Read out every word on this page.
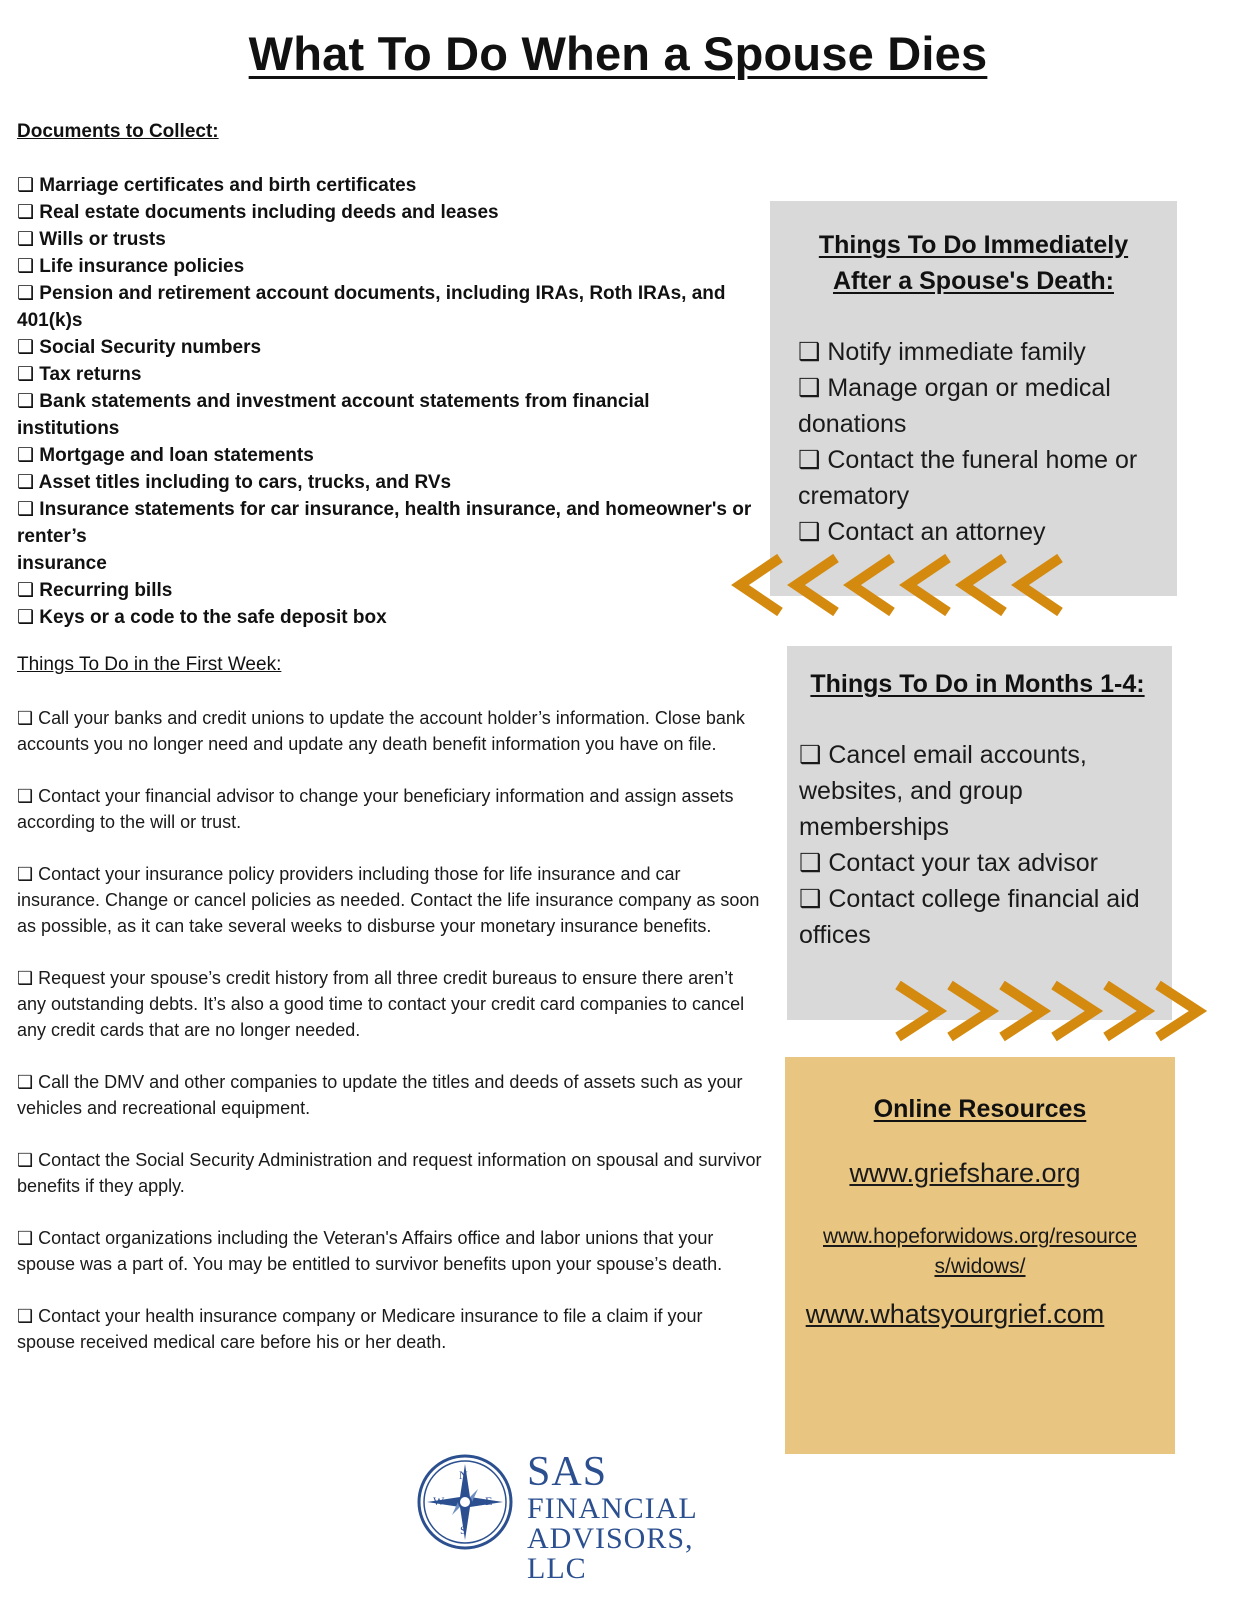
What To Do When a Spouse Dies

Documents to Collect:

❑ Marriage certificates and birth certificates
❑ Real estate documents including deeds and leases
❑ Wills or trusts
❑ Life insurance policies
❑ Pension and retirement account documents, including IRAs, Roth IRAs, and 401(k)s
❑ Social Security numbers
❑ Tax returns
❑ Bank statements and investment account statements from financial institutions
❑ Mortgage and loan statements
❑ Asset titles including to cars, trucks, and RVs
❑ Insurance statements for car insurance, health insurance, and homeowner's or renter’s
insurance
❑ Recurring bills
❑ Keys or a code to the safe deposit box

Things To Do in the First Week:

❑ Call your banks and credit unions to update the account holder’s information. Close bank accounts you no longer need and update any death benefit information you have on file.
❑ Contact your financial advisor to change your beneficiary information and assign assets according to the will or trust.
❑ Contact your insurance policy providers including those for life insurance and car insurance. Change or cancel policies as needed. Contact the life insurance company as soon as possible, as it can take several weeks to disburse your monetary insurance benefits.
❑ Request your spouse’s credit history from all three credit bureaus to ensure there aren’t any outstanding debts. It’s also a good time to contact your credit card companies to cancel any credit cards that are no longer needed.
❑ Call the DMV and other companies to update the titles and deeds of assets such as your vehicles and recreational equipment.
❑ Contact the Social Security Administration and request information on spousal and survivor benefits if they apply.
❑ Contact organizations including the Veteran's Affairs office and labor unions that your spouse was a part of. You may be entitled to survivor benefits upon your spouse’s death.
❑ Contact your health insurance company or Medicare insurance to file a claim if your spouse received medical care before his or her death.

Things To Do Immediately

After a Spouse's Death:

❑ Notify immediate family
❑ Manage organ or medical donations
❑ Contact the funeral home or crematory
❑ Contact an attorney

Things To Do in Months 1-4:

❑ Cancel email accounts, websites, and group memberships
❑ Contact your tax advisor
❑ Contact college financial aid offices

Online Resources

www.griefshare.org
www.hopeforwidows.org/resource
s/widows/
www.whatsyourgrief.com
N
E
S
W
SAS
FINANCIAL
ADVISORS, LLC
